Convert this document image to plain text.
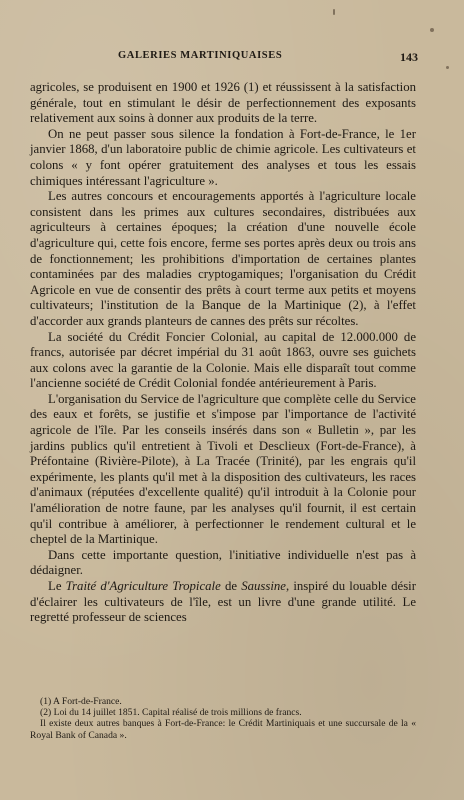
GALERIES MARTINIQUAISES	143

agricoles, se produisent en 1900 et 1926 (1) et réussissent à la satisfaction générale, tout en stimulant le désir de perfectionnement des exposants relativement aux soins à donner aux produits de la terre.

On ne peut passer sous silence la fondation à Fort-de-France, le 1er janvier 1868, d'un laboratoire public de chimie agricole. Les cultivateurs et colons « y font opérer gratuitement des analyses et tous les essais chimiques intéressant l'agriculture ».

Les autres concours et encouragements apportés à l'agriculture locale consistent dans les primes aux cultures secondaires, distribuées aux agriculteurs à certaines époques; la création d'une nouvelle école d'agriculture qui, cette fois encore, ferme ses portes après deux ou trois ans de fonctionnement; les prohibitions d'importation de certaines plantes contaminées par des maladies cryptogamiques; l'organisation du Crédit Agricole en vue de consentir des prêts à court terme aux petits et moyens cultivateurs; l'institution de la Banque de la Martinique (2), à l'effet d'accorder aux grands planteurs de cannes des prêts sur récoltes.

La société du Crédit Foncier Colonial, au capital de 12.000.000 de francs, autorisée par décret impérial du 31 août 1863, ouvre ses guichets aux colons avec la garantie de la Colonie. Mais elle disparaît tout comme l'ancienne société de Crédit Colonial fondée antérieurement à Paris.

L'organisation du Service de l'agriculture que complète celle du Service des eaux et forêts, se justifie et s'impose par l'importance de l'activité agricole de l'île. Par les conseils insérés dans son « Bulletin », par les jardins publics qu'il entretient à Tivoli et Desclieux (Fort-de-France), à Préfontaine (Rivière-Pilote), à La Tracée (Trinité), par les engrais qu'il expérimente, les plants qu'il met à la disposition des cultivateurs, les races d'animaux (réputées d'excellente qualité) qu'il introduit à la Colonie pour l'amélioration de notre faune, par les analyses qu'il fournit, il est certain qu'il contribue à améliorer, à perfectionner le rendement cultural et le cheptel de la Martinique.

Dans cette importante question, l'initiative individuelle n'est pas à dédaigner.

Le Traité d'Agriculture Tropicale de Saussine, inspiré du louable désir d'éclairer les cultivateurs de l'île, est un livre d'une grande utilité. Le regretté professeur de sciences

(1) A Fort-de-France.

(2) Loi du 14 juillet 1851. Capital réalisé de trois millions de francs.

Il existe deux autres banques à Fort-de-France: le Crédit Martiniquais et une succursale de la « Royal Bank of Canada ».
